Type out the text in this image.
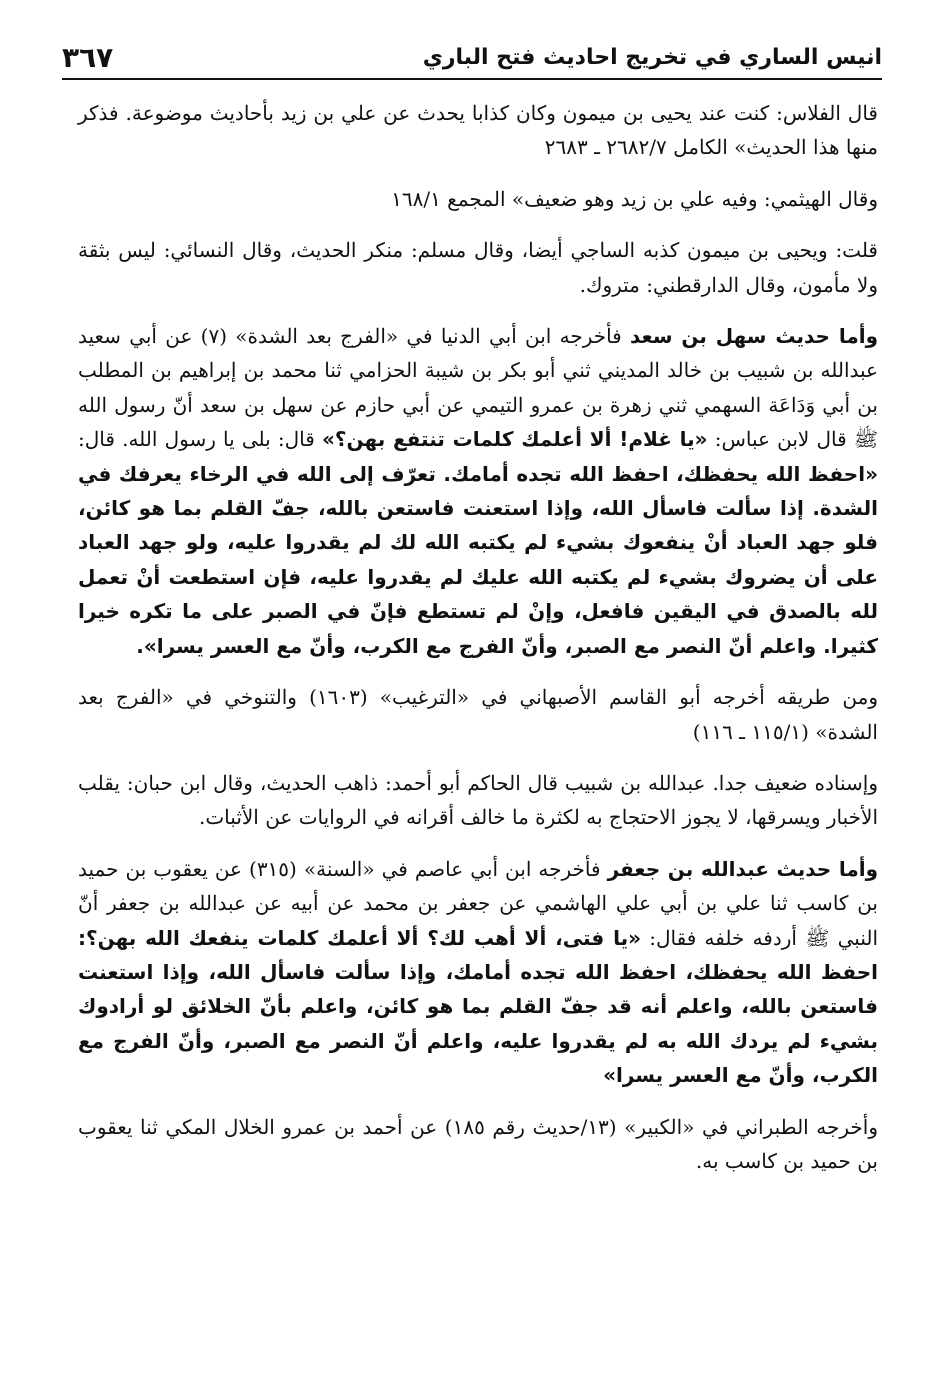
انيس الساري في تخريج احاديث فتح الباري
٣٦٧

قال الفلاس: كنت عند يحيى بن ميمون وكان كذابا يحدث عن علي بن زيد بأحاديث موضوعة. فذكر منها هذا الحديث» الكامل ٢٦٨٢/٧ ـ ٢٦٨٣

وقال الهيثمي: وفيه علي بن زيد وهو ضعيف» المجمع ١٦٨/١

قلت: ويحيى بن ميمون كذبه الساجي أيضا، وقال مسلم: منكر الحديث، وقال النسائي: ليس بثقة ولا مأمون، وقال الدارقطني: متروك.

وأما حديث سهل بن سعد فأخرجه ابن أبي الدنيا في «الفرج بعد الشدة» (٧) عن أبي سعيد عبدالله بن شبيب بن خالد المديني ثني أبو بكر بن شيبة الحزامي ثنا محمد بن إبراهيم بن المطلب بن أبي وَدَاعَة السهمي ثني زهرة بن عمرو التيمي عن أبي حازم عن سهل بن سعد أنّ رسول الله ﷺ قال لابن عباس: «يا غلام! ألا أعلمك كلمات تنتفع بهن؟» قال: بلى يا رسول الله. قال: «احفظ الله يحفظك، احفظ الله تجده أمامك. تعرّف إلى الله في الرخاء يعرفك في الشدة. إذا سألت فاسأل الله، وإذا استعنت فاستعن بالله، جفّ القلم بما هو كائن، فلو جهد العباد أنْ ينفعوك بشيء لم يكتبه الله لك لم يقدروا عليه، ولو جهد العباد على أن يضروك بشيء لم يكتبه الله عليك لم يقدروا عليه، فإن استطعت أنْ تعمل لله بالصدق في اليقين فافعل، وإنْ لم تستطع فإنّ في الصبر على ما تكره خيرا كثيرا. واعلم أنّ النصر مع الصبر، وأنّ الفرج مع الكرب، وأنّ مع العسر يسرا».

ومن طريقه أخرجه أبو القاسم الأصبهاني في «الترغيب» (١٦٠٣) والتنوخي في «الفرج بعد الشدة» (١١٥/١ ـ ١١٦)

وإسناده ضعيف جدا. عبدالله بن شبيب قال الحاكم أبو أحمد: ذاهب الحديث، وقال ابن حبان: يقلب الأخبار ويسرقها، لا يجوز الاحتجاج به لكثرة ما خالف أقرانه في الروايات عن الأثبات.

وأما حديث عبدالله بن جعفر فأخرجه ابن أبي عاصم في «السنة» (٣١٥) عن يعقوب بن حميد بن كاسب ثنا علي بن أبي علي الهاشمي عن جعفر بن محمد عن أبيه عن عبدالله بن جعفر أنّ النبي ﷺ أردفه خلفه فقال: «يا فتى، ألا أهب لك؟ ألا أعلمك كلمات ينفعك الله بهن؟: احفظ الله يحفظك، احفظ الله تجده أمامك، وإذا سألت فاسأل الله، وإذا استعنت فاستعن بالله، واعلم أنه قد جفّ القلم بما هو كائن، واعلم بأنّ الخلائق لو أرادوك بشيء لم يردك الله به لم يقدروا عليه، واعلم أنّ النصر مع الصبر، وأنّ الفرج مع الكرب، وأنّ مع العسر يسرا»

وأخرجه الطبراني في «الكبير» (١٣/حديث رقم ١٨٥) عن أحمد بن عمرو الخلال المكي ثنا يعقوب بن حميد بن كاسب به.
